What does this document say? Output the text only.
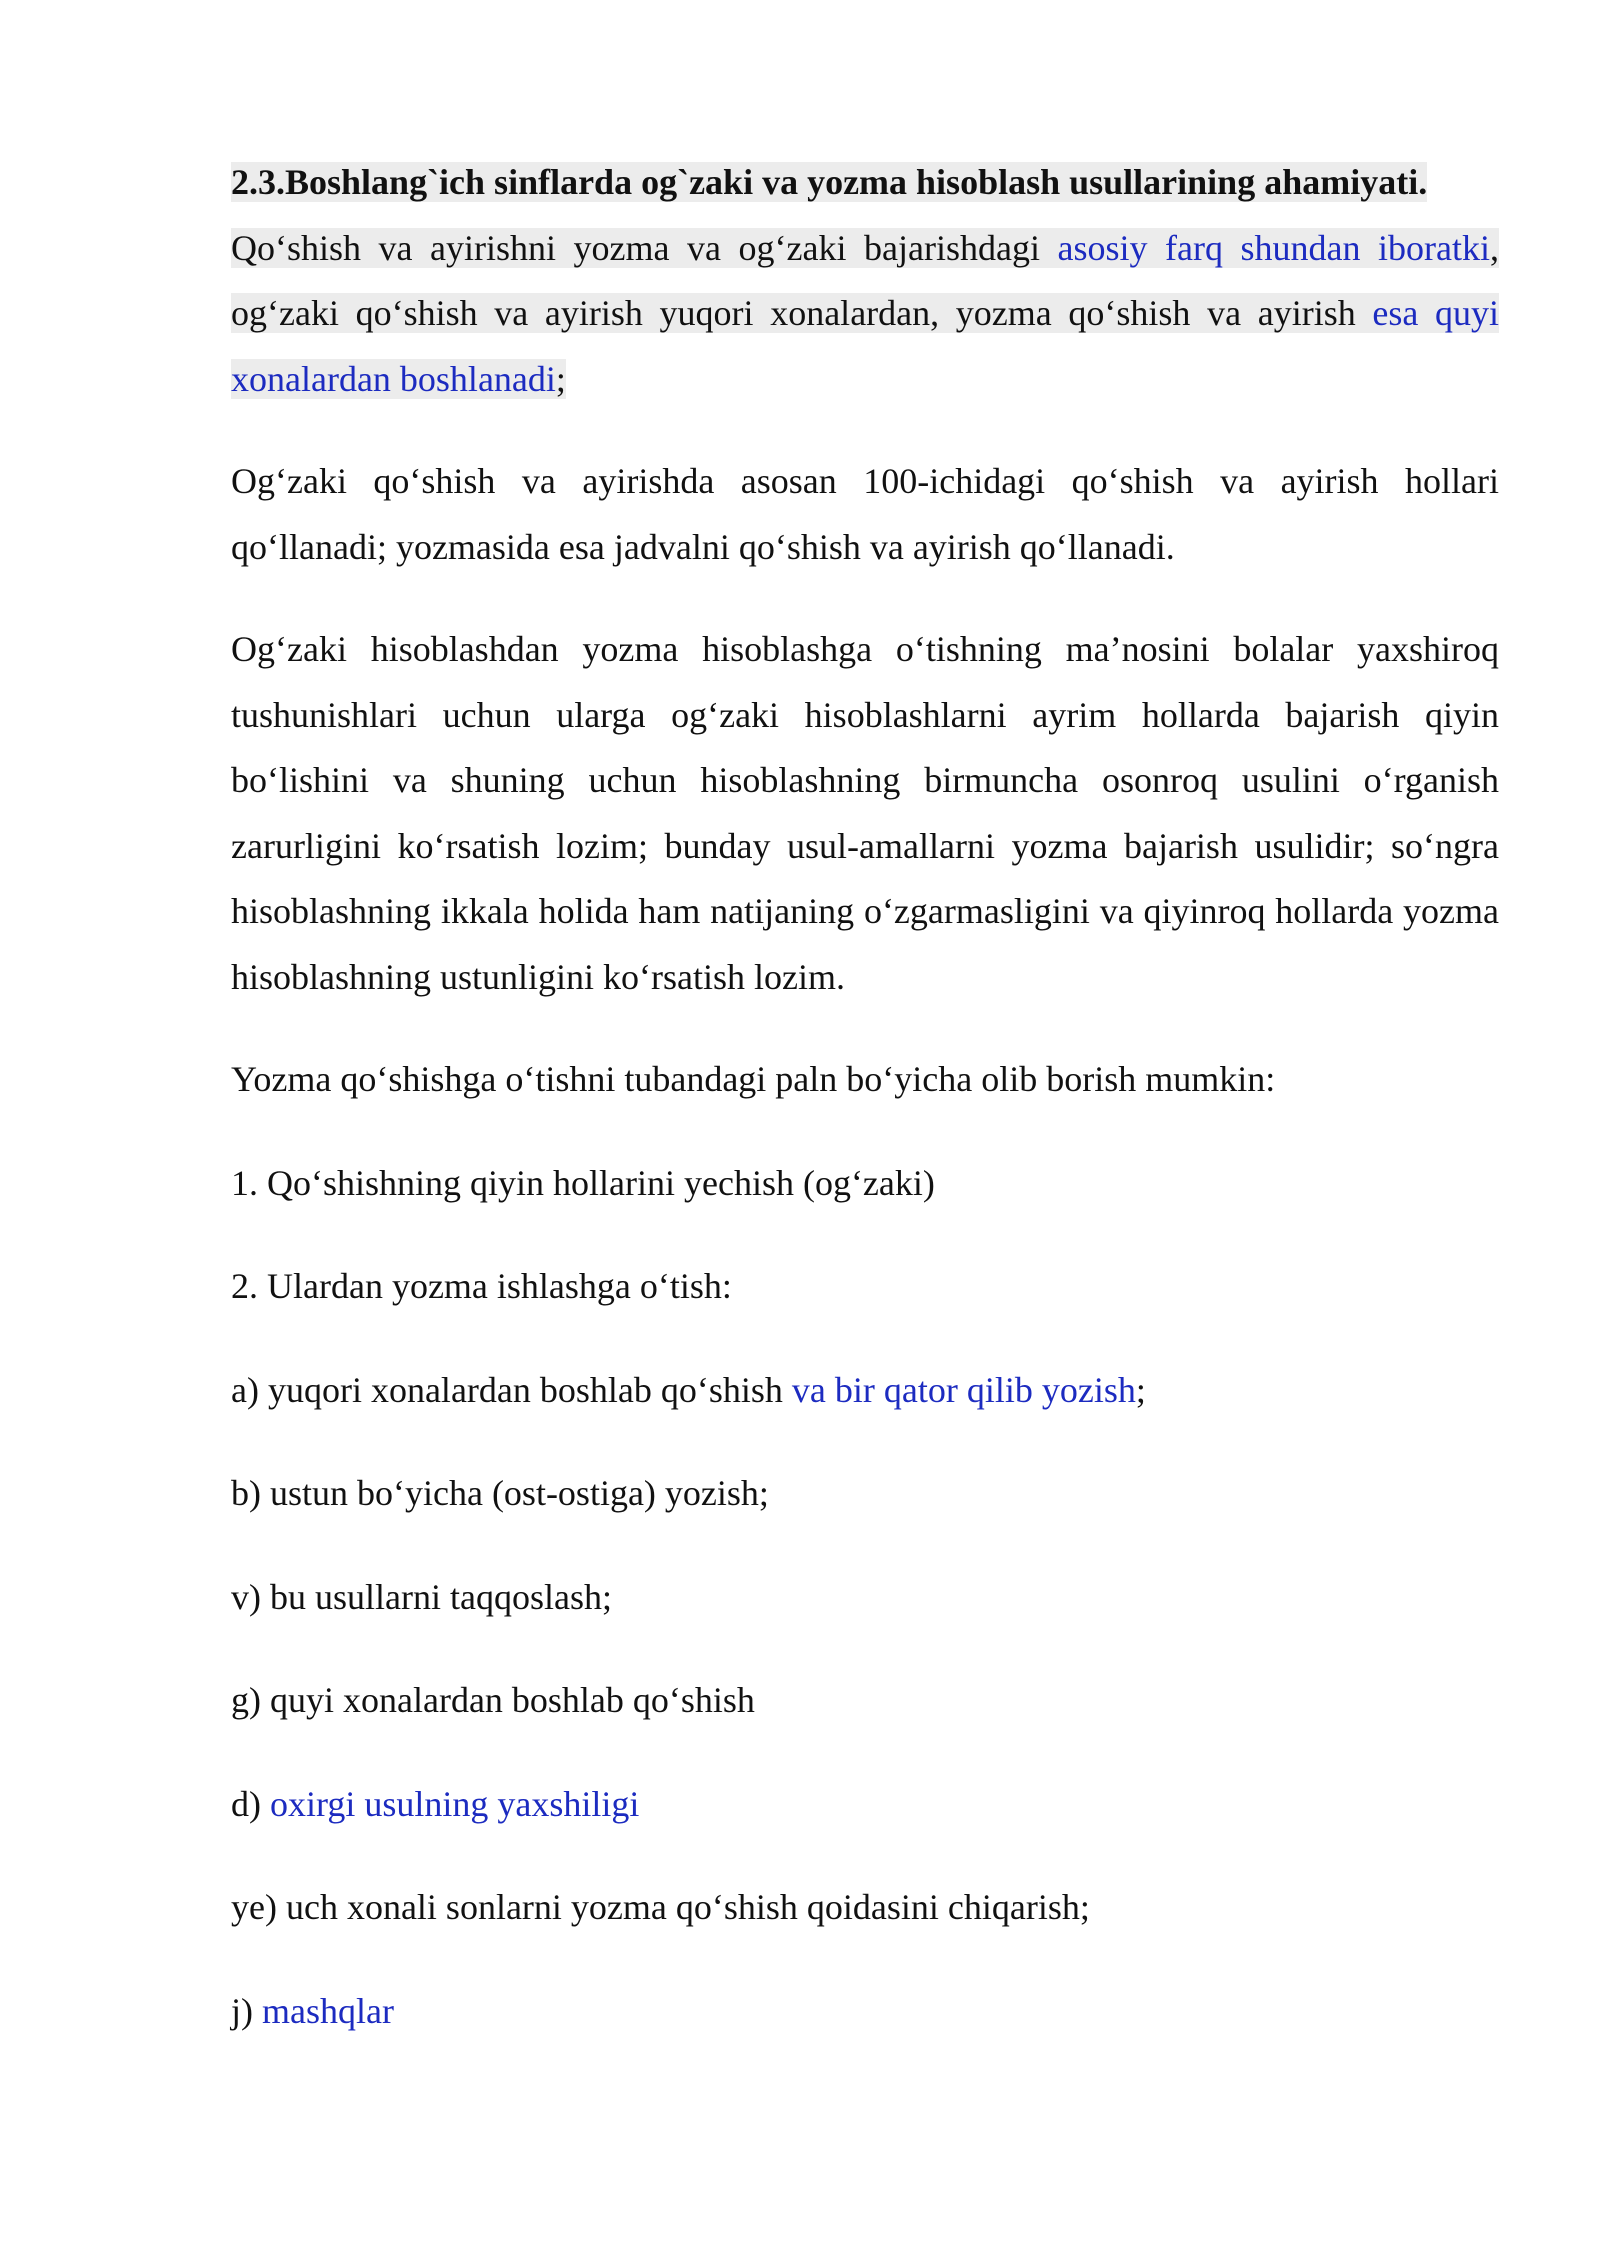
2.3.Boshlang`ich sinflarda og`zaki va yozma hisoblash usullarining ahamiyati.

Qo‘shish va ayirishni yozma va og‘zaki bajarishdagi asosiy farq shundan iboratki, og‘zaki qo‘shish va ayirish yuqori xonalardan, yozma qo‘shish va ayirish esa quyi xonalardan boshlanadi;

Og‘zaki qo‘shish va ayirishda asosan 100-ichidagi qo‘shish va ayirish hollari qo‘llanadi; yozmasida esa jadvalni qo‘shish va ayirish qo‘llanadi.

Og‘zaki hisoblashdan yozma hisoblashga o‘tishning ma’nosini bolalar yaxshiroq tushunishlari uchun ularga og‘zaki hisoblashlarni ayrim hollarda bajarish qiyin bo‘lishini va shuning uchun hisoblashning birmuncha osonroq usulini o‘rganish zarurligini ko‘rsatish lozim; bunday usul-amallarni yozma bajarish usulidir; so‘ngra hisoblashning ikkala holida ham natijaning o‘zgarmasligini va qiyinroq hollarda yozma hisoblashning ustunligini ko‘rsatish lozim.

Yozma qo‘shishga o‘tishni tubandagi paln bo‘yicha olib borish mumkin:

1. Qo‘shishning qiyin hollarini yechish (og‘zaki)

2. Ulardan yozma ishlashga o‘tish:

a) yuqori xonalardan boshlab qo‘shish va bir qator qilib yozish;

b) ustun bo‘yicha (ost-ostiga) yozish;

v) bu usullarni taqqoslash;

g) quyi xonalardan boshlab qo‘shish

d) oxirgi usulning yaxshiligi

ye) uch xonali sonlarni yozma qo‘shish qoidasini chiqarish;

j) mashqlar
